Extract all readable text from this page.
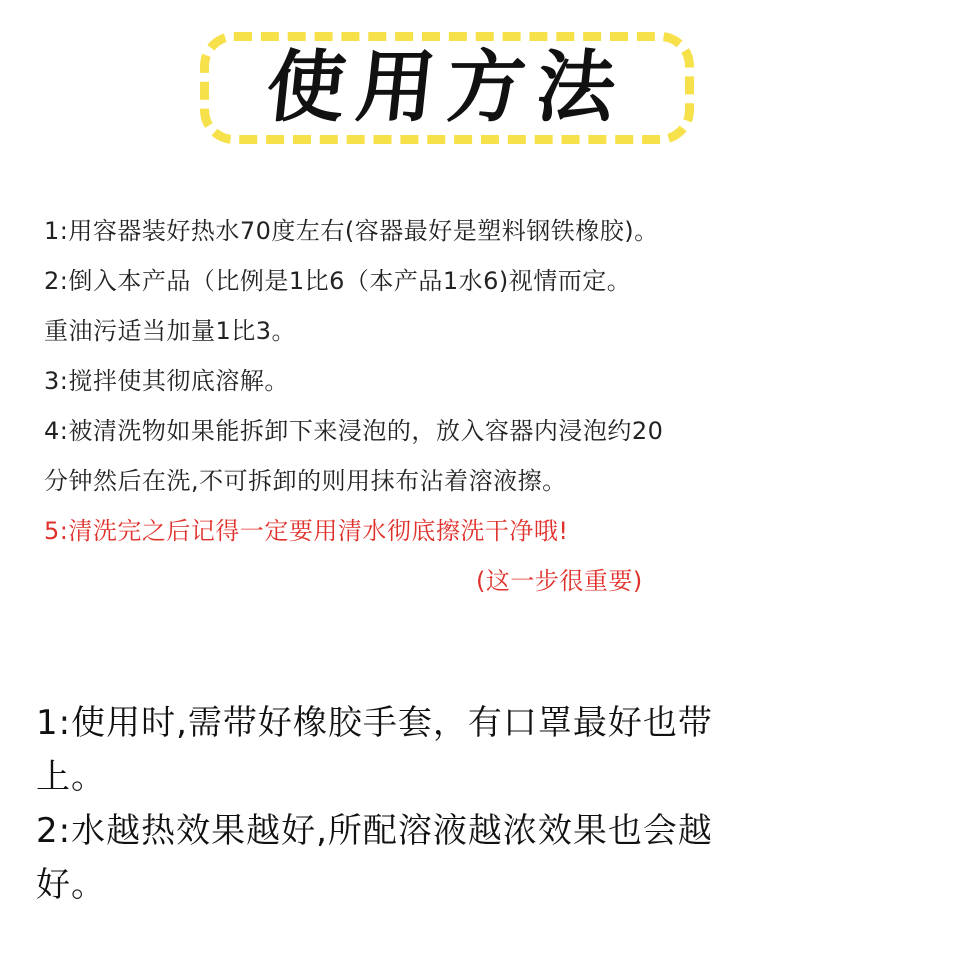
使用方法
1:用容器装好热水70度左右(容器最好是塑料钢铁橡胶)。
2:倒入本产品（比例是1比6（本产品1水6)视情而定。
重油污适当加量1比3。
3:搅拌使其彻底溶解。
4:被清洗物如果能拆卸下来浸泡的，放入容器内浸泡约20
分钟然后在洗,不可拆卸的则用抹布沾着溶液擦。
5:清洗完之后记得一定要用清水彻底擦洗干净哦!
(这一步很重要)
1:使用时,需带好橡胶手套，有口罩最好也带
上。
2:水越热效果越好,所配溶液越浓效果也会越
好。
